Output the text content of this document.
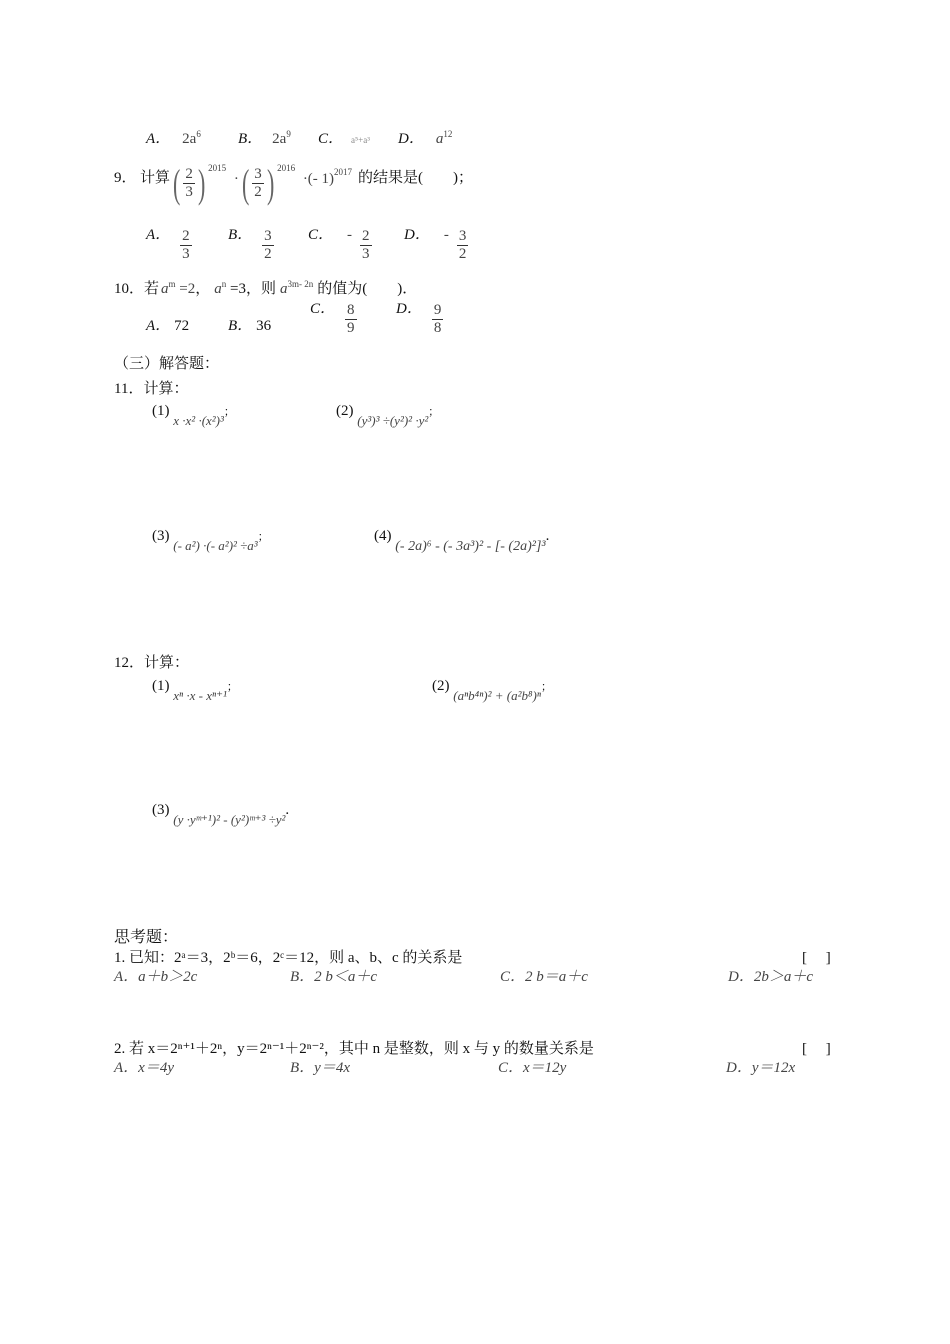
A． $2a^6$ B． $2a^9$ C． a⁵+a³ D． $a^{12}$
9． 计算 ( $\frac{2}{3}$ ) $^{2015}$ ·( $\frac{3}{2}$ ) $^{2016}$ ·(- 1)$^{2017}$ 的结果是(　　)；
A． $\frac{2}{3}$ B． $\frac{3}{2}$ C． - $\frac{2}{3}$ D． - $\frac{3}{2}$
10．若 $a^m =2$， $a^n =3$，则 $a^{3m- 2n}$ 的值为(　　)．
A． 72	B． 36
C． $\frac{8}{9}$	D． $\frac{9}{8}$
（三）解答题：
11．计算：
(1) x ·x² ·(x²)³；	(2) (y³)³ ÷(y²)² ·y²；
(3) (- a²) ·(- a²)² ÷a³；	(4) (- 2a)⁶ - (- 3a³)² - [- (2a)²]³.
12．计算：
(1) xⁿ ·x - xⁿ⁺¹；	(2) (aⁿb⁴ⁿ)² + (a²b⁸)ⁿ；
(3) (y ·yᵐ⁺¹)² - (y²)ᵐ⁺³ ÷y².
思考题：
1. 已知：2ᵃ＝3，2ᵇ＝6，2ᶜ＝12，则 a、b、c 的关系是	[　 ]
A．a＋b＞2c	B．2 b＜a＋c	C．2 b＝a＋c	D．2b＞a＋c
2. 若 x＝2ⁿ⁺¹＋2ⁿ，y＝2ⁿ⁻¹＋2ⁿ⁻²，其中 n 是整数，则 x 与 y 的数量关系是	[　 ]
A．x＝4y	B．y＝4x	C．x＝12y	D．y＝12x
